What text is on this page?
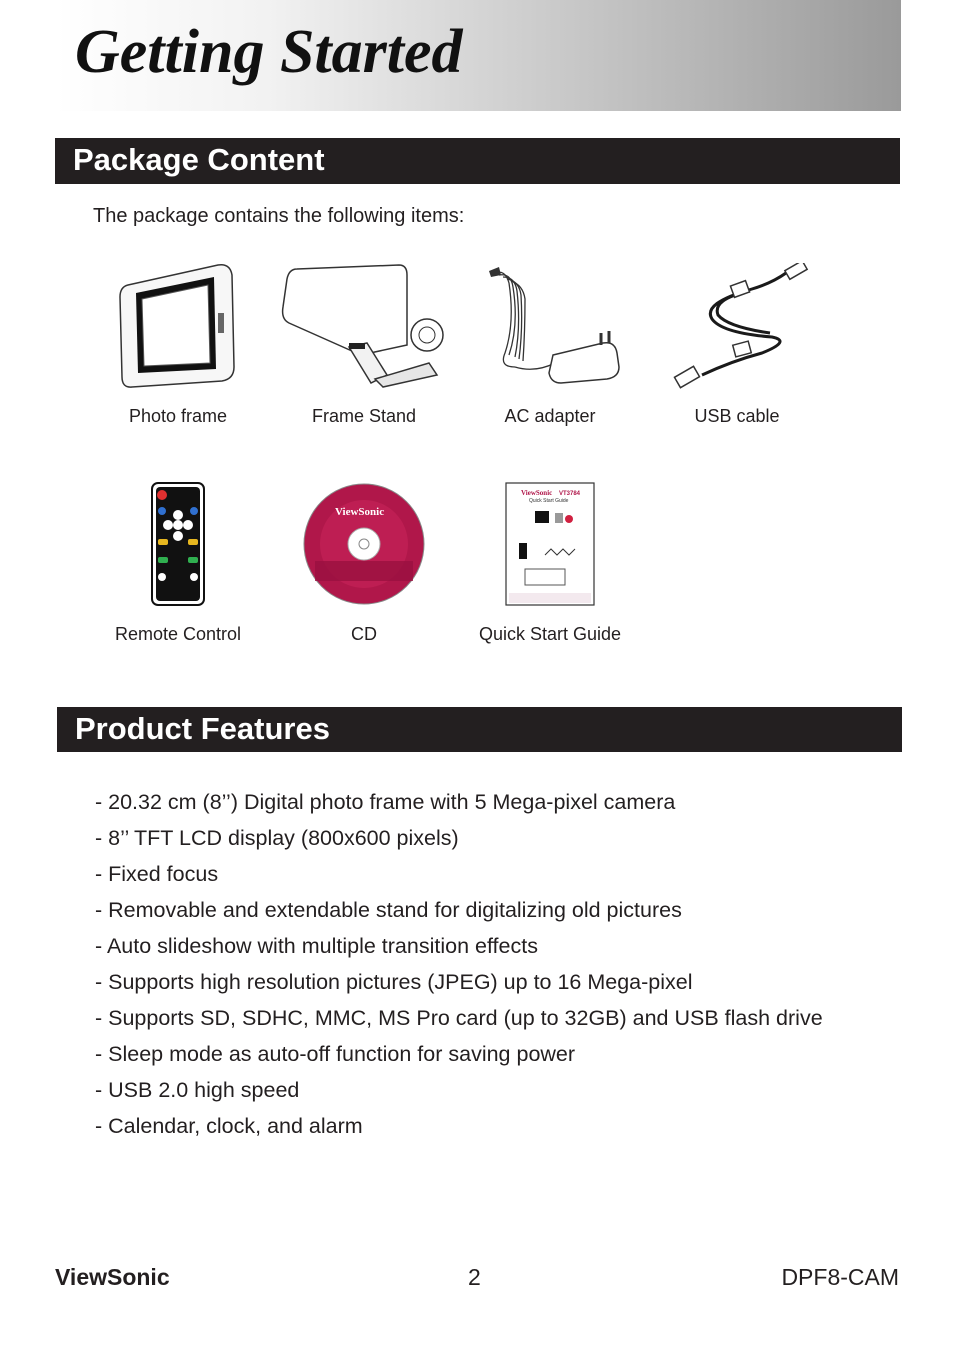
Getting Started
Package Content

The package contains the following items:

Photo frame	Frame Stand	AC adapter	USB cable
Remote Control
ViewSonic
CD
ViewSonic VT3784
Quick Start Guide
Quick Start Guide
Product Features
- 20.32 cm (8’’) Digital photo frame with 5 Mega-pixel camera
- 8’’ TFT LCD display (800x600 pixels)
- Fixed focus
- Removable and extendable stand for digitalizing old pictures
- Auto slideshow with multiple transition effects
- Supports high resolution pictures (JPEG) up to 16 Mega-pixel
- Supports SD, SDHC, MMC, MS Pro card (up to 32GB) and USB flash drive
- Sleep mode as auto-off function for saving power
- USB 2.0 high speed
- Calendar, clock, and alarm
ViewSonic	2	DPF8-CAM
